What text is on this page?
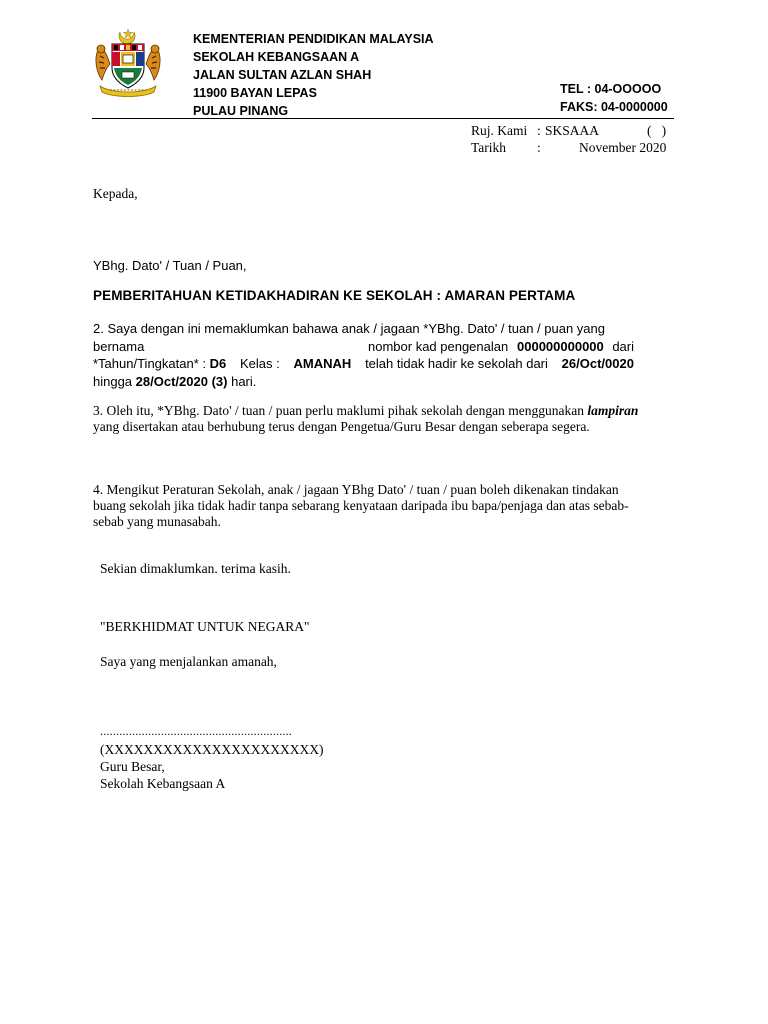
KEMENTERIAN PENDIDIKAN MALAYSIA
SEKOLAH KEBANGSAAN A
JALAN SULTAN AZLAN SHAH
11900 BAYAN LEPAS
PULAU PINANG
TEL : 04-OOOOO
FAKS: 04-0000000
Ruj. Kami : SKSAAA	(   )
Tarikh :	November 2020
Kepada,
YBhg. Dato' / Tuan / Puan,
PEMBERITAHUAN KETIDAKHADIRAN KE SEKOLAH : AMARAN PERTAMA
2. Saya dengan ini memaklumkan bahawa anak / jagaan *YBhg. Dato' / tuan / puan yang
bernama	nombor kad pengenalan 000000000000 dari
*Tahun/Tingkatan* : D6 Kelas : AMANAH telah tidak hadir ke sekolah dari 26/Oct/0020
hingga 28/Oct/2020 (3) hari.
3. Oleh itu, *YBhg. Dato' / tuan / puan perlu maklumi pihak sekolah dengan menggunakan lampiran yang disertakan atau berhubung terus dengan Pengetua/Guru Besar dengan seberapa segera.
4. Mengikut Peraturan Sekolah, anak / jagaan YBhg Dato' / tuan / puan boleh dikenakan tindakan buang sekolah jika tidak hadir tanpa sebarang kenyataan daripada ibu bapa/penjaga dan atas sebab-sebab yang munasabah.
Sekian dimaklumkan. terima kasih.
"BERKHIDMAT UNTUK NEGARA"
Saya yang menjalankan amanah,
............................................................
(XXXXXXXXXXXXXXXXXXXXXX)
Guru Besar,
Sekolah Kebangsaan A
